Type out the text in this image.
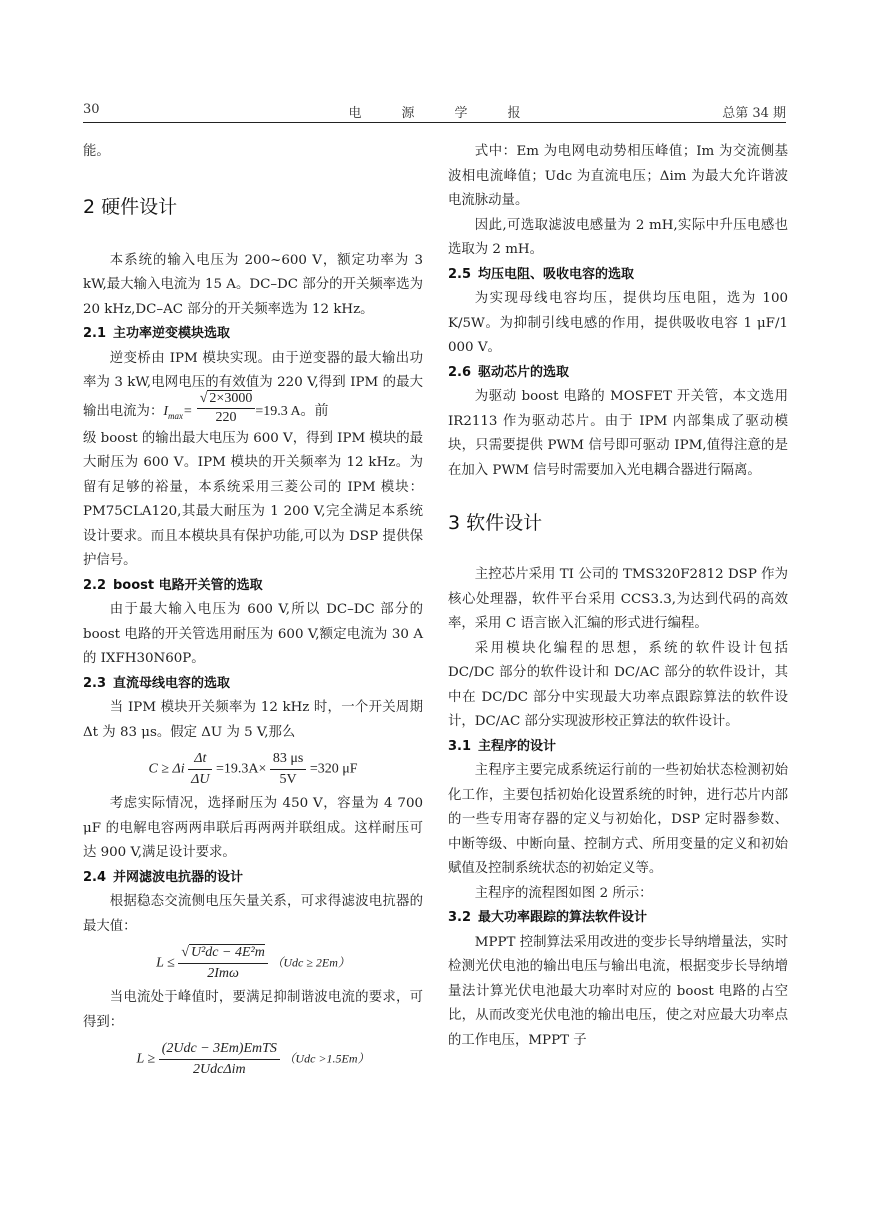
30	电源学报	总第 34 期

能。

2 硬件设计

本系统的输入电压为 200~600 V，额定功率为 3 kW,最大输入电流为 15 A。DC–DC 部分的开关频率选为 20 kHz,DC–AC 部分的开关频率选为 12 kHz。

2.1 主功率逆变模块选取

逆变桥由 IPM 模块实现。由于逆变器的最大输出功率为 3 kW,电网电压的有效值为 220 V,得到 IPM 的最大输出电流为：$I_{max}= \frac{√ 2\times 3000}{220} =19.3$ A。前

级 boost 的输出最大电压为 600 V，得到 IPM 模块的最大耐压为 600 V。IPM 模块的开关频率为 12 kHz。为留有足够的裕量，本系统采用三菱公司的 IPM 模块：PM75CLA120,其最大耐压为 1 200 V,完全满足本系统设计要求。而且本模块具有保护功能,可以为 DSP 提供保护信号。

2.2 boost 电路开关管的选取

由于最大输入电压为 600 V,所以 DC–DC 部分的 boost 电路的开关管选用耐压为 600 V,额定电流为 30 A 的 IXFH30N60P。

2.3 直流母线电容的选取

当 IPM 模块开关频率为 12 kHz 时，一个开关周期 Δt 为 83 μs。假定 ΔU 为 5 V,那么

C ≥ Δi $\frac{\Delta t}{\Delta U} =19.3A\times \frac{83 \mu s}{5V} =320$ μF

考虑实际情况，选择耐压为 450 V，容量为 4 700 μF 的电解电容两两串联后再两两并联组成。这样耐压可达 900 V,满足设计要求。

2.4 并网滤波电抗器的设计

根据稳态交流侧电压矢量关系，可求得滤波电抗器的最大值：

$L \le \frac{\text{√ U²dc − 4E²m}}{\text{2Imω}} (Udc \ge 2Em)$

当电流处于峰值时，要满足抑制谐波电流的要求，可得到：

$L \ge \frac{\text{(2Udc − 3Em)EmTS}}{\text{2UdcΔim}} (Udc >1.5Em)$

式中：Em 为电网电动势相压峰值；Im 为交流侧基波相电流峰值；Udc 为直流电压；Δim 为最大允许谐波电流脉动量。

因此,可选取滤波电感量为 2 mH,实际中升压电感也选取为 2 mH。

2.5 均压电阻、吸收电容的选取

为实现母线电容均压，提供均压电阻，选为 100 K/5W。为抑制引线电感的作用，提供吸收电容 1 μF/1 000 V。

2.6 驱动芯片的选取

为驱动 boost 电路的 MOSFET 开关管，本文选用 IR2113 作为驱动芯片。由于 IPM 内部集成了驱动模块，只需要提供 PWM 信号即可驱动 IPM,值得注意的是在加入 PWM 信号时需要加入光电耦合器进行隔离。

3 软件设计

主控芯片采用 TI 公司的 TMS320F2812 DSP 作为核心处理器，软件平台采用 CCS3.3,为达到代码的高效率，采用 C 语言嵌入汇编的形式进行编程。

采用模块化编程的思想，系统的软件设计包括 DC/DC 部分的软件设计和 DC/AC 部分的软件设计，其中在 DC/DC 部分中实现最大功率点跟踪算法的软件设计，DC/AC 部分实现波形校正算法的软件设计。

3.1 主程序的设计

主程序主要完成系统运行前的一些初始状态检测初始化工作，主要包括初始化设置系统的时钟，进行芯片内部的一些专用寄存器的定义与初始化，DSP 定时器参数、中断等级、中断向量、控制方式、所用变量的定义和初始赋值及控制系统状态的初始定义等。

主程序的流程图如图 2 所示：

3.2 最大功率跟踪的算法软件设计

MPPT 控制算法采用改进的变步长导纳增量法，实时检测光伏电池的输出电压与输出电流，根据变步长导纳增量法计算光伏电池最大功率时对应的 boost 电路的占空比，从而改变光伏电池的输出电压，使之对应最大功率点的工作电压，MPPT 子
